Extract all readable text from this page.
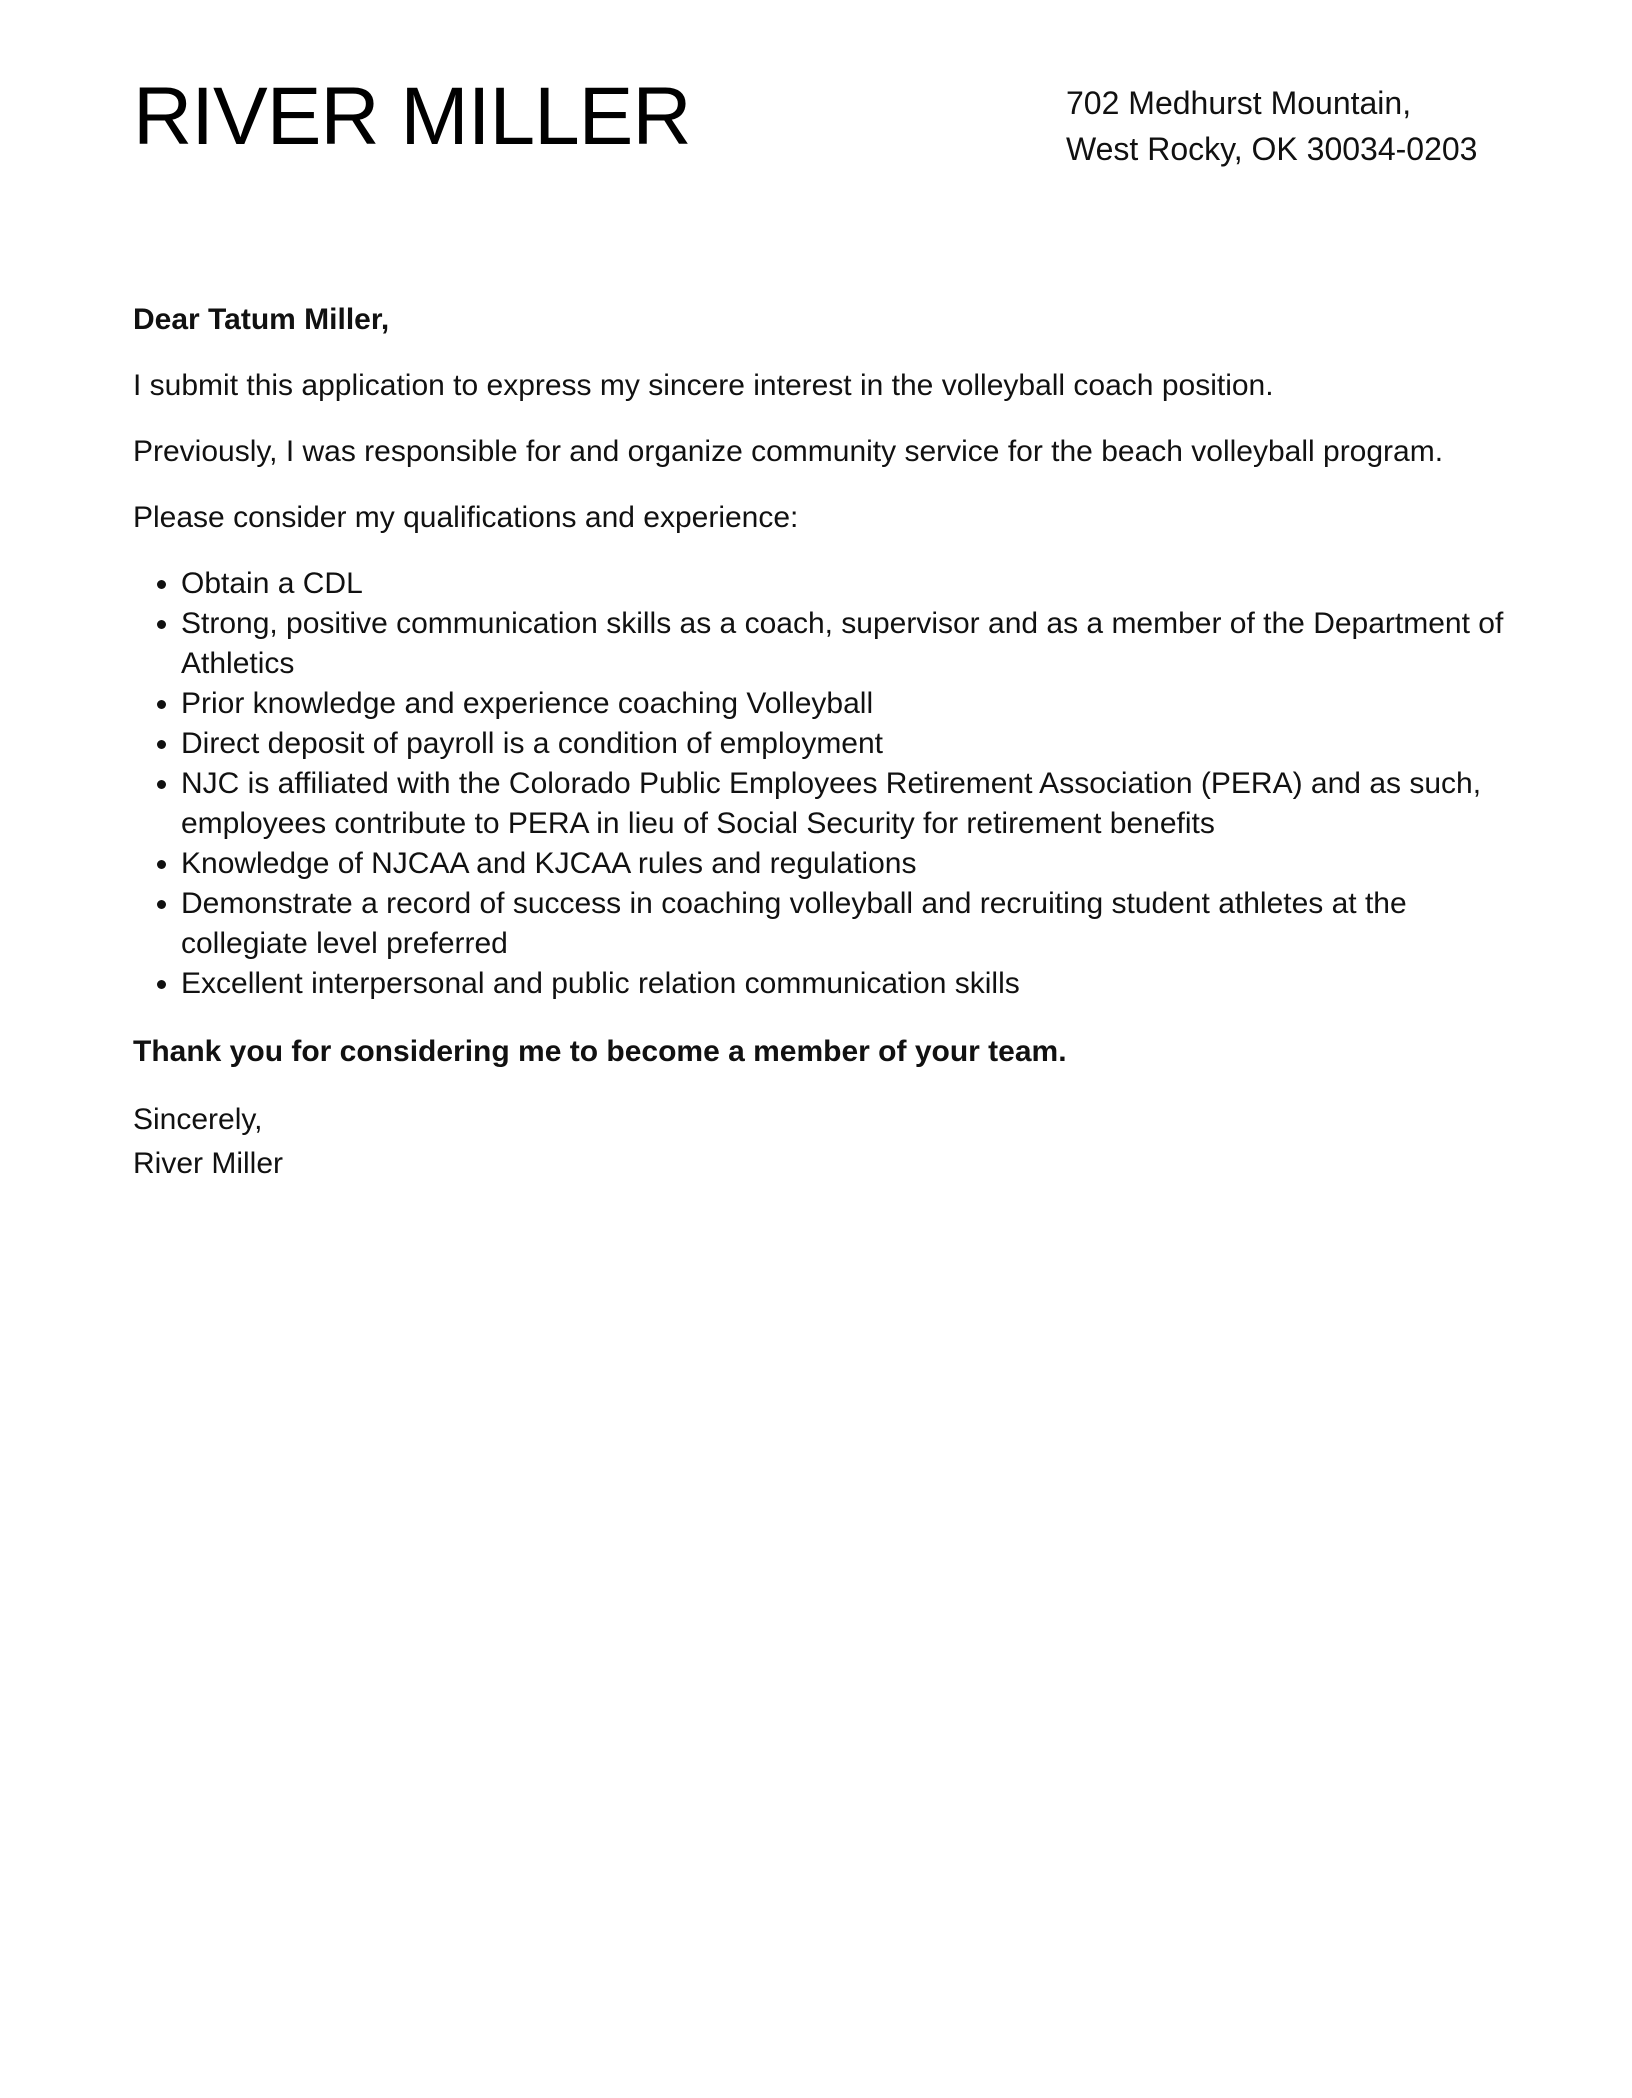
RIVER MILLER	702 Medhurst Mountain,
West Rocky, OK 30034-0203

Dear Tatum Miller,

I submit this application to express my sincere interest in the volleyball coach position.

Previously, I was responsible for and organize community service for the beach volleyball program.

Please consider my qualifications and experience:

• Obtain a CDL
• Strong, positive communication skills as a coach, supervisor and as a member of the Department of Athletics
• Prior knowledge and experience coaching Volleyball
• Direct deposit of payroll is a condition of employment
• NJC is affiliated with the Colorado Public Employees Retirement Association (PERA) and as such, employees contribute to PERA in lieu of Social Security for retirement benefits
• Knowledge of NJCAA and KJCAA rules and regulations
• Demonstrate a record of success in coaching volleyball and recruiting student athletes at the collegiate level preferred
• Excellent interpersonal and public relation communication skills

Thank you for considering me to become a member of your team.

Sincerely,
River Miller
